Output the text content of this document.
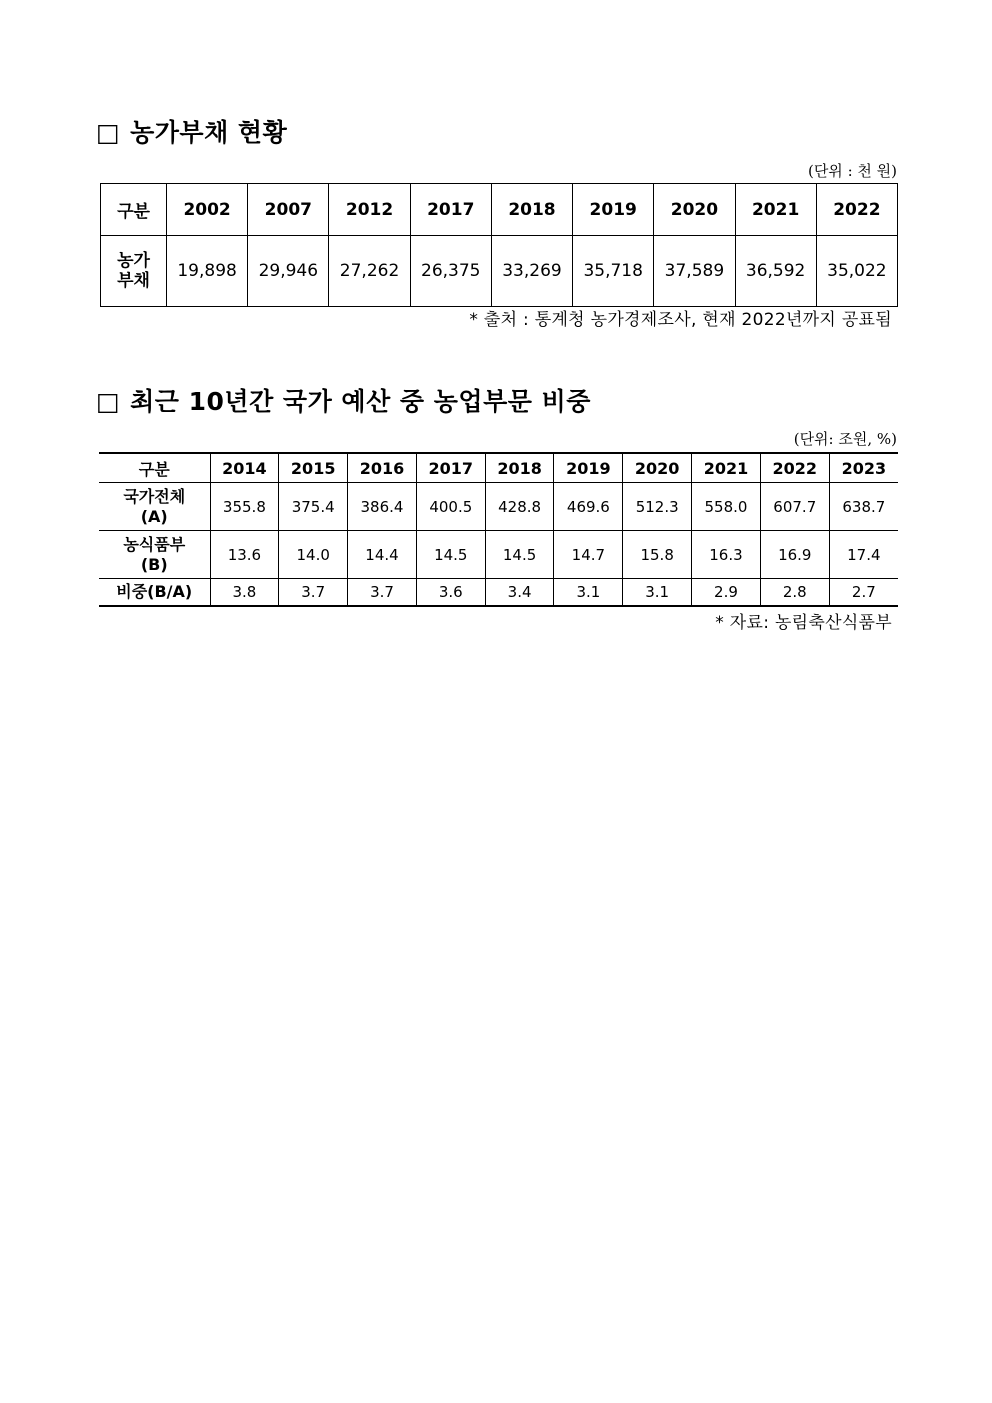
□ 농가부채 현황
(단위 : 천 원)
구분	2002	2007	2012	2017	2018	2019	2020	2021	2022

농가
부채	19,898	29,946	27,262	26,375	33,269	35,718	37,589	36,592	35,022
* 출처 : 통계청 농가경제조사, 현재 2022년까지 공표됨
□ 최근 10년간 국가 예산 중 농업부문 비중
(단위: 조원, %)
구분	2014	2015	2016	2017	2018	2019	2020	2021	2022	2023

국가전체
(A)	355.8	375.4	386.4	400.5	428.8	469.6	512.3	558.0	607.7	638.7

농식품부
(B)	13.6	14.0	14.4	14.5	14.5	14.7	15.8	16.3	16.9	17.4
비중(B/A)	3.8	3.7	3.7	3.6	3.4	3.1	3.1	2.9	2.8	2.7
* 자료: 농림축산식품부
